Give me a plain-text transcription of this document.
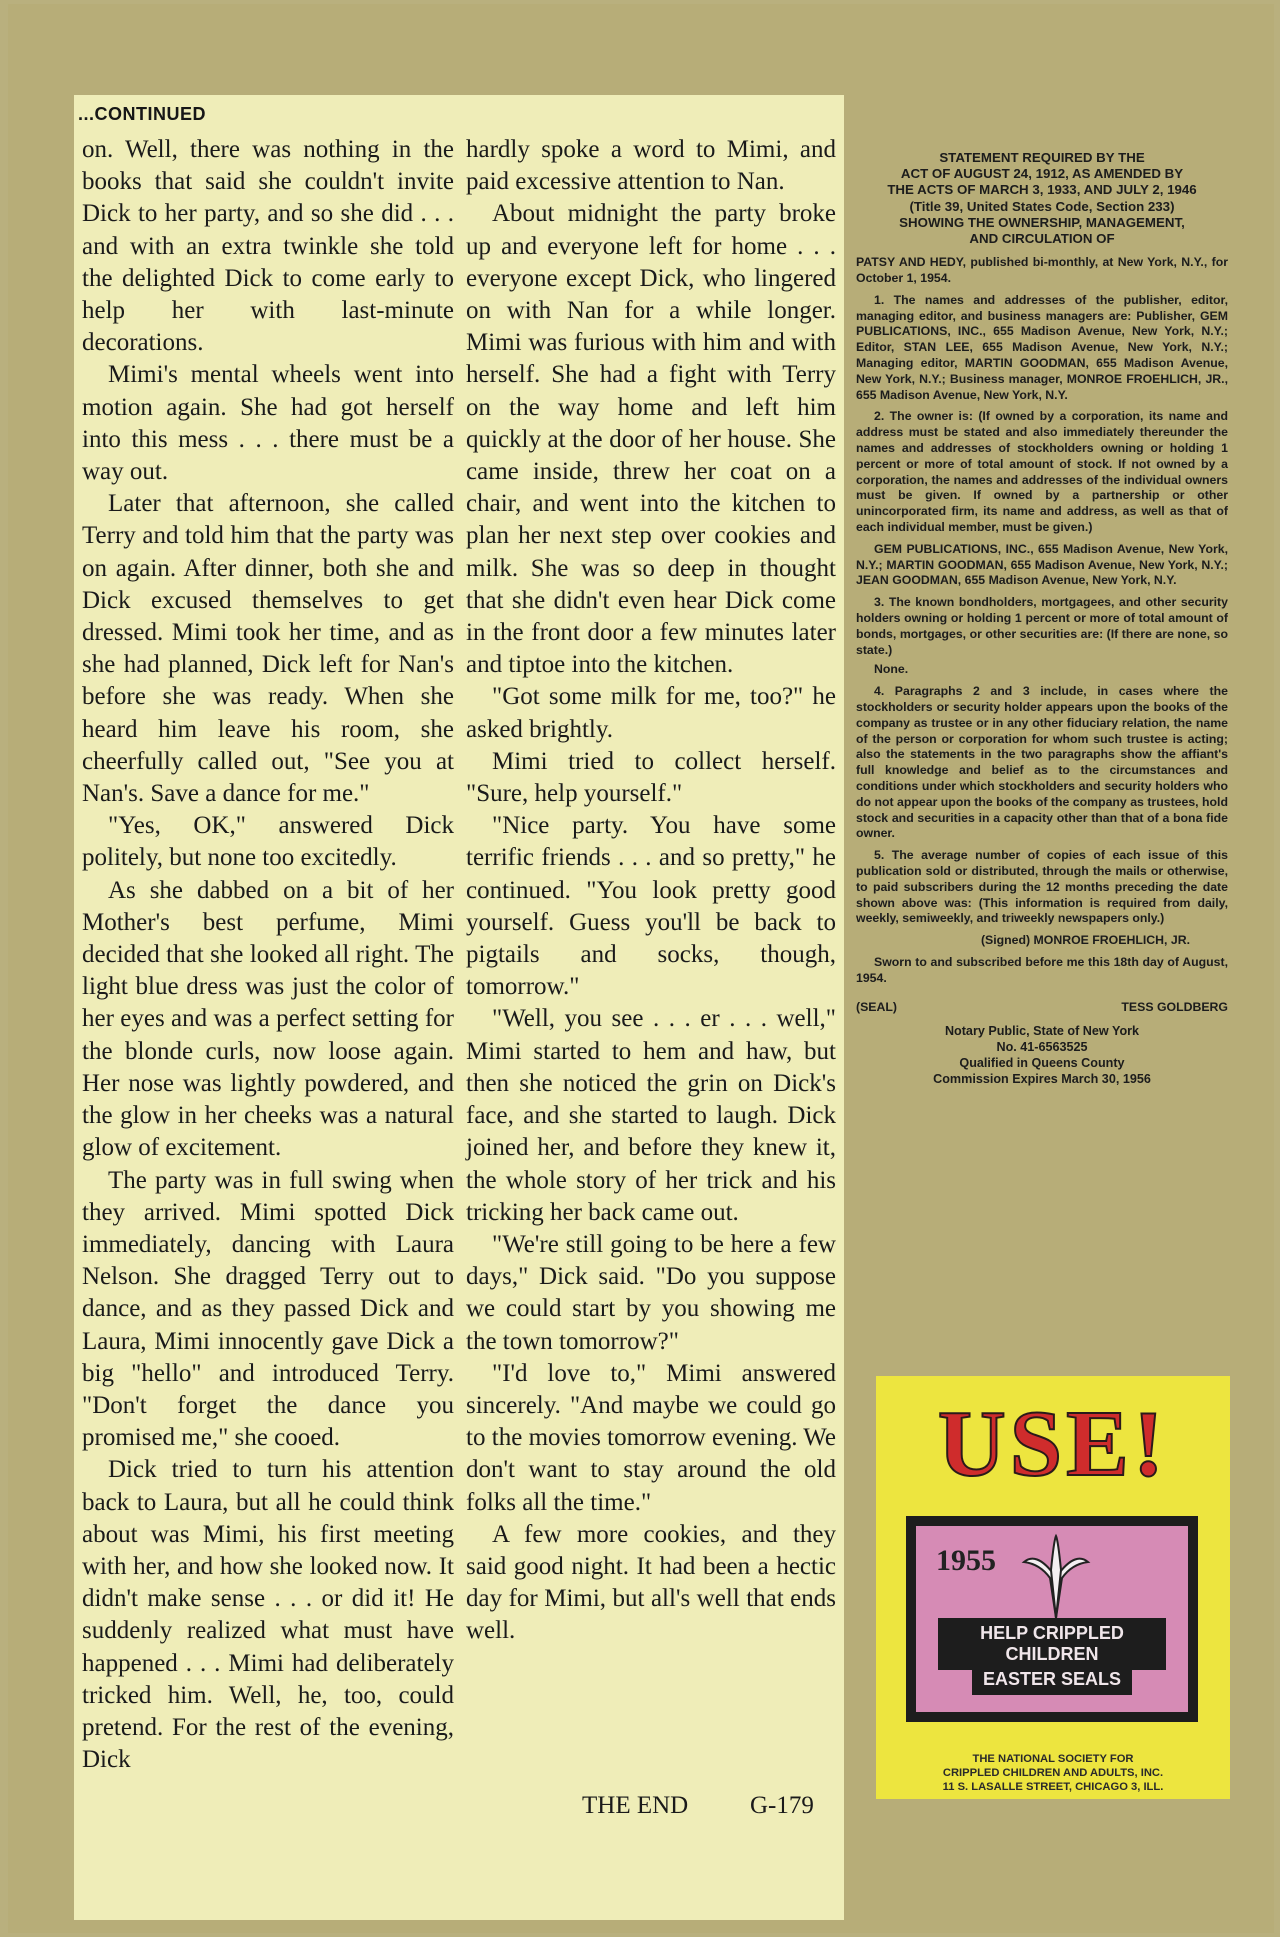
...CONTINUED

on. Well, there was nothing in the books that said she couldn't invite Dick to her party, and so she did . . . and with an extra twinkle she told the delighted Dick to come early to help her with last-minute decorations.

Mimi's mental wheels went into motion again. She had got herself into this mess . . . there must be a way out.

Later that afternoon, she called Terry and told him that the party was on again. After dinner, both she and Dick excused themselves to get dressed. Mimi took her time, and as she had planned, Dick left for Nan's before she was ready. When she heard him leave his room, she cheerfully called out, "See you at Nan's. Save a dance for me."

"Yes, OK," answered Dick politely, but none too excitedly.

As she dabbed on a bit of her Mother's best perfume, Mimi decided that she looked all right. The light blue dress was just the color of her eyes and was a perfect setting for the blonde curls, now loose again. Her nose was lightly powdered, and the glow in her cheeks was a natural glow of excitement.

The party was in full swing when they arrived. Mimi spotted Dick immediately, dancing with Laura Nelson. She dragged Terry out to dance, and as they passed Dick and Laura, Mimi innocently gave Dick a big "hello" and introduced Terry. "Don't forget the dance you promised me," she cooed.

Dick tried to turn his attention back to Laura, but all he could think about was Mimi, his first meeting with her, and how she looked now. It didn't make sense . . . or did it! He suddenly realized what must have happened . . . Mimi had deliberately tricked him. Well, he, too, could pretend. For the rest of the evening, Dick

hardly spoke a word to Mimi, and paid excessive attention to Nan.

About midnight the party broke up and everyone left for home . . . everyone except Dick, who lingered on with Nan for a while longer. Mimi was furious with him and with herself. She had a fight with Terry on the way home and left him quickly at the door of her house. She came inside, threw her coat on a chair, and went into the kitchen to plan her next step over cookies and milk. She was so deep in thought that she didn't even hear Dick come in the front door a few minutes later and tiptoe into the kitchen.

"Got some milk for me, too?" he asked brightly.

Mimi tried to collect herself. "Sure, help yourself."

"Nice party. You have some terrific friends . . . and so pretty," he continued. "You look pretty good yourself. Guess you'll be back to pigtails and socks, though, tomorrow."

"Well, you see . . . er . . . well," Mimi started to hem and haw, but then she noticed the grin on Dick's face, and she started to laugh. Dick joined her, and before they knew it, the whole story of her trick and his tricking her back came out.

"We're still going to be here a few days," Dick said. "Do you suppose we could start by you showing me the town tomorrow?"

"I'd love to," Mimi answered sincerely. "And maybe we could go to the movies tomorrow evening. We don't want to stay around the old folks all the time."

A few more cookies, and they said good night. It had been a hectic day for Mimi, but all's well that ends well.

THE END G-179
STATEMENT REQUIRED BY THE
ACT OF AUGUST 24, 1912, AS AMENDED BY
THE ACTS OF MARCH 3, 1933, AND JULY 2, 1946
(Title 39, United States Code, Section 233)
SHOWING THE OWNERSHIP, MANAGEMENT,
AND CIRCULATION OF
PATSY AND HEDY, published bi-monthly, at New York, N.Y., for October 1, 1954.
1. The names and addresses of the publisher, editor, managing editor, and business managers are: Publisher, GEM PUBLICATIONS, INC., 655 Madison Avenue, New York, N.Y.; Editor, STAN LEE, 655 Madison Avenue, New York, N.Y.; Managing editor, MARTIN GOODMAN, 655 Madison Avenue, New York, N.Y.; Business manager, MONROE FROEHLICH, JR., 655 Madison Avenue, New York, N.Y.
2. The owner is: (If owned by a corporation, its name and address must be stated and also immediately thereunder the names and addresses of stockholders owning or holding 1 percent or more of total amount of stock. If not owned by a corporation, the names and addresses of the individual owners must be given. If owned by a partnership or other unincorporated firm, its name and address, as well as that of each individual member, must be given.)
GEM PUBLICATIONS, INC., 655 Madison Avenue, New York, N.Y.; MARTIN GOODMAN, 655 Madison Avenue, New York, N.Y.; JEAN GOODMAN, 655 Madison Avenue, New York, N.Y.
3. The known bondholders, mortgagees, and other security holders owning or holding 1 percent or more of total amount of bonds, mortgages, or other securities are: (If there are none, so state.)
None.
4. Paragraphs 2 and 3 include, in cases where the stockholders or security holder appears upon the books of the company as trustee or in any other fiduciary relation, the name of the person or corporation for whom such trustee is acting; also the statements in the two paragraphs show the affiant's full knowledge and belief as to the circumstances and conditions under which stockholders and security holders who do not appear upon the books of the company as trustees, hold stock and securities in a capacity other than that of a bona fide owner.
5. The average number of copies of each issue of this publication sold or distributed, through the mails or otherwise, to paid subscribers during the 12 months preceding the date shown above was: (This information is required from daily, weekly, semiweekly, and triweekly newspapers only.)
(Signed) MONROE FROEHLICH, JR.
Sworn to and subscribed before me this 18th day of August, 1954.
(SEAL)	TESS GOLDBERG
Notary Public, State of New York
No. 41-6563525
Qualified in Queens County
Commission Expires March 30, 1956
USE!
1955
HELP CRIPPLED CHILDREN
EASTER SEALS
THE NATIONAL SOCIETY FOR
CRIPPLED CHILDREN AND ADULTS, INC.
11 S. LASALLE STREET, CHICAGO 3, ILL.
